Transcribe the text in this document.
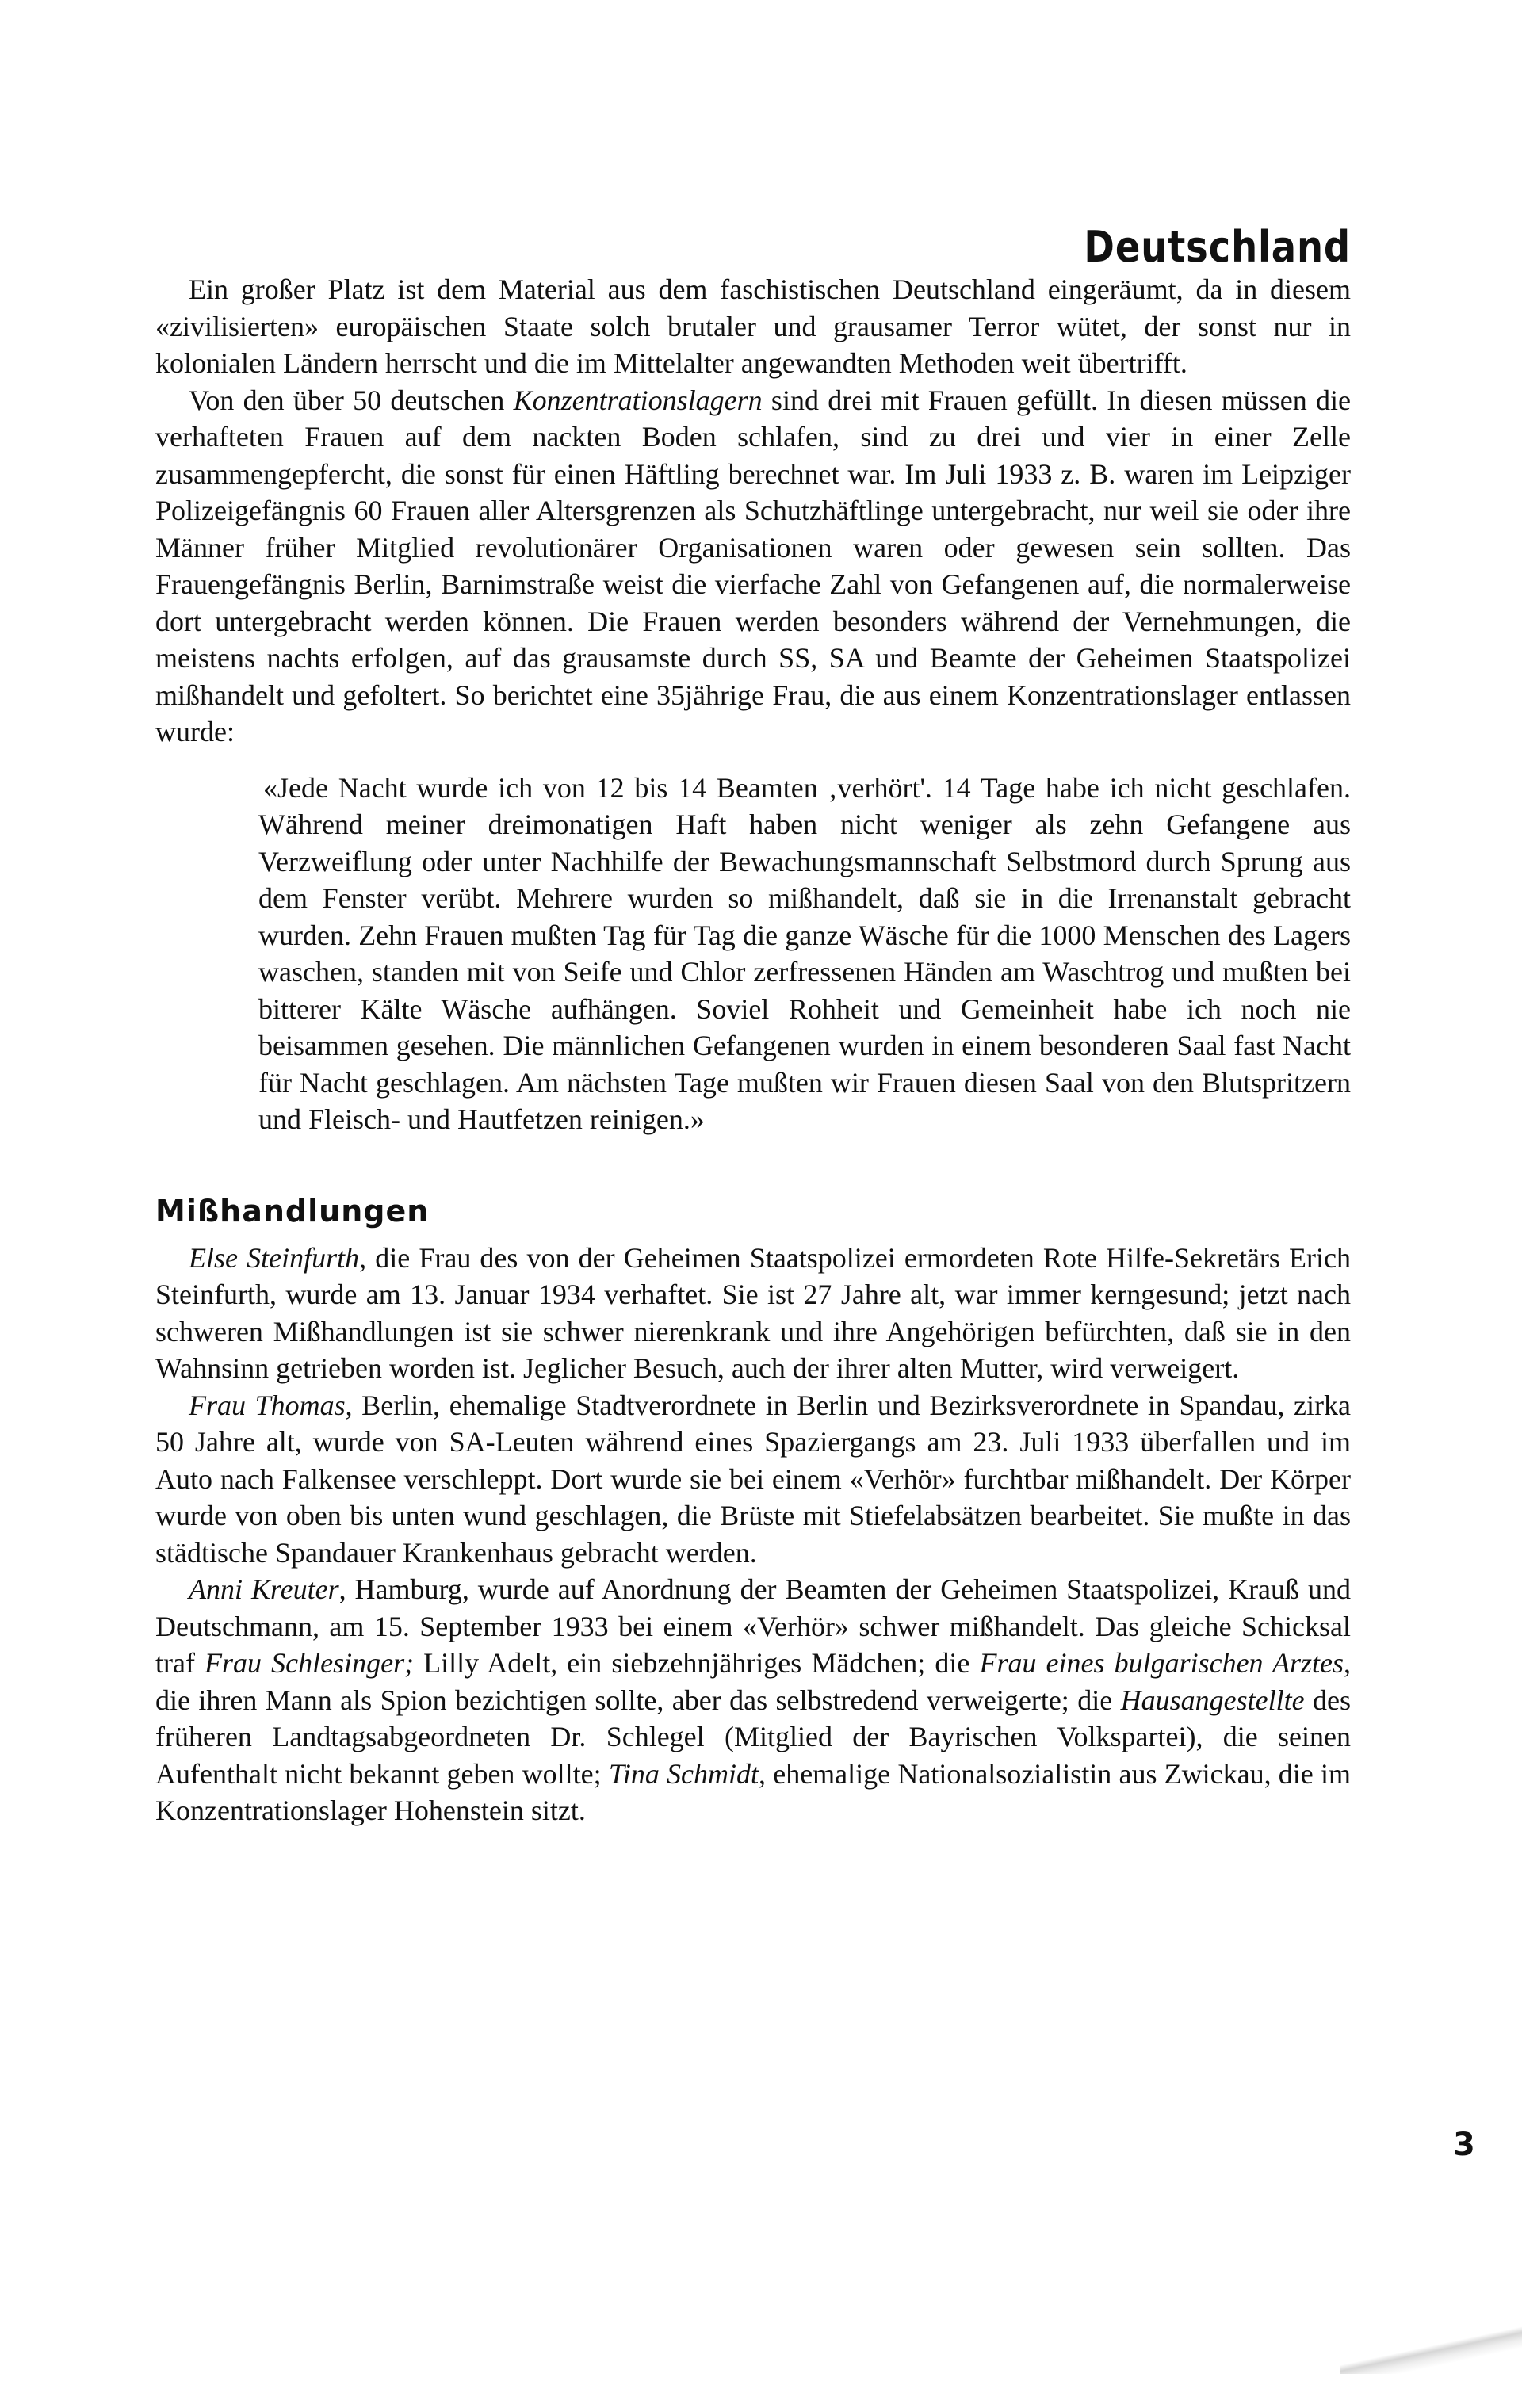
Deutschland

Ein großer Platz ist dem Material aus dem faschistischen Deutschland eingeräumt, da in diesem «zivilisierten» europäischen Staate solch brutaler und grausamer Terror wütet, der sonst nur in kolonialen Ländern herrscht und die im Mittelalter angewandten Methoden weit übertrifft.

Von den über 50 deutschen Konzentrationslagern sind drei mit Frauen gefüllt. In diesen müssen die verhafteten Frauen auf dem nackten Boden schlafen, sind zu drei und vier in einer Zelle zusammengepfercht, die sonst für einen Häftling berechnet war. Im Juli 1933 z. B. waren im Leipziger Polizeigefängnis 60 Frauen aller Altersgrenzen als Schutzhäftlinge untergebracht, nur weil sie oder ihre Männer früher Mitglied revolutionärer Organisationen waren oder gewesen sein sollten. Das Frauengefängnis Berlin, Barnimstraße weist die vierfache Zahl von Gefangenen auf, die normalerweise dort untergebracht werden können. Die Frauen werden besonders während der Vernehmungen, die meistens nachts erfolgen, auf das grausamste durch SS, SA und Beamte der Geheimen Staatspolizei mißhandelt und gefoltert. So berichtet eine 35jährige Frau, die aus einem Konzentrationslager entlassen wurde:

«Jede Nacht wurde ich von 12 bis 14 Beamten ‚verhört'. 14 Tage habe ich nicht geschlafen. Während meiner dreimonatigen Haft haben nicht weniger als zehn Gefangene aus Verzweiflung oder unter Nachhilfe der Bewachungsmannschaft Selbstmord durch Sprung aus dem Fenster verübt. Mehrere wurden so mißhandelt, daß sie in die Irrenanstalt gebracht wurden. Zehn Frauen mußten Tag für Tag die ganze Wäsche für die 1000 Menschen des Lagers waschen, standen mit von Seife und Chlor zerfressenen Händen am Waschtrog und mußten bei bitterer Kälte Wäsche aufhängen. Soviel Rohheit und Gemeinheit habe ich noch nie beisammen gesehen. Die männlichen Gefangenen wurden in einem besonderen Saal fast Nacht für Nacht geschlagen. Am nächsten Tage mußten wir Frauen diesen Saal von den Blutspritzern und Fleisch- und Hautfetzen reinigen.»

Mißhandlungen

Else Steinfurth, die Frau des von der Geheimen Staatspolizei ermordeten Rote Hilfe-Sekretärs Erich Steinfurth, wurde am 13. Januar 1934 verhaftet. Sie ist 27 Jahre alt, war immer kerngesund; jetzt nach schweren Mißhandlungen ist sie schwer nierenkrank und ihre Angehörigen befürchten, daß sie in den Wahnsinn getrieben worden ist. Jeglicher Besuch, auch der ihrer alten Mutter, wird verweigert.

Frau Thomas, Berlin, ehemalige Stadtverordnete in Berlin und Bezirksverordnete in Spandau, zirka 50 Jahre alt, wurde von SA-Leuten während eines Spaziergangs am 23. Juli 1933 überfallen und im Auto nach Falkensee verschleppt. Dort wurde sie bei einem «Verhör» furchtbar mißhandelt. Der Körper wurde von oben bis unten wund geschlagen, die Brüste mit Stiefelabsätzen bearbeitet. Sie mußte in das städtische Spandauer Krankenhaus gebracht werden.

Anni Kreuter, Hamburg, wurde auf Anordnung der Beamten der Geheimen Staatspolizei, Krauß und Deutschmann, am 15. September 1933 bei einem «Verhör» schwer mißhandelt. Das gleiche Schicksal traf Frau Schlesinger; Lilly Adelt, ein siebzehnjähriges Mädchen; die Frau eines bulgarischen Arztes, die ihren Mann als Spion bezichtigen sollte, aber das selbstredend verweigerte; die Hausangestellte des früheren Landtagsabgeordneten Dr. Schlegel (Mitglied der Bayrischen Volkspartei), die seinen Aufenthalt nicht bekannt geben wollte; Tina Schmidt, ehemalige Nationalsozialistin aus Zwickau, die im Konzentrationslager Hohenstein sitzt.

3
